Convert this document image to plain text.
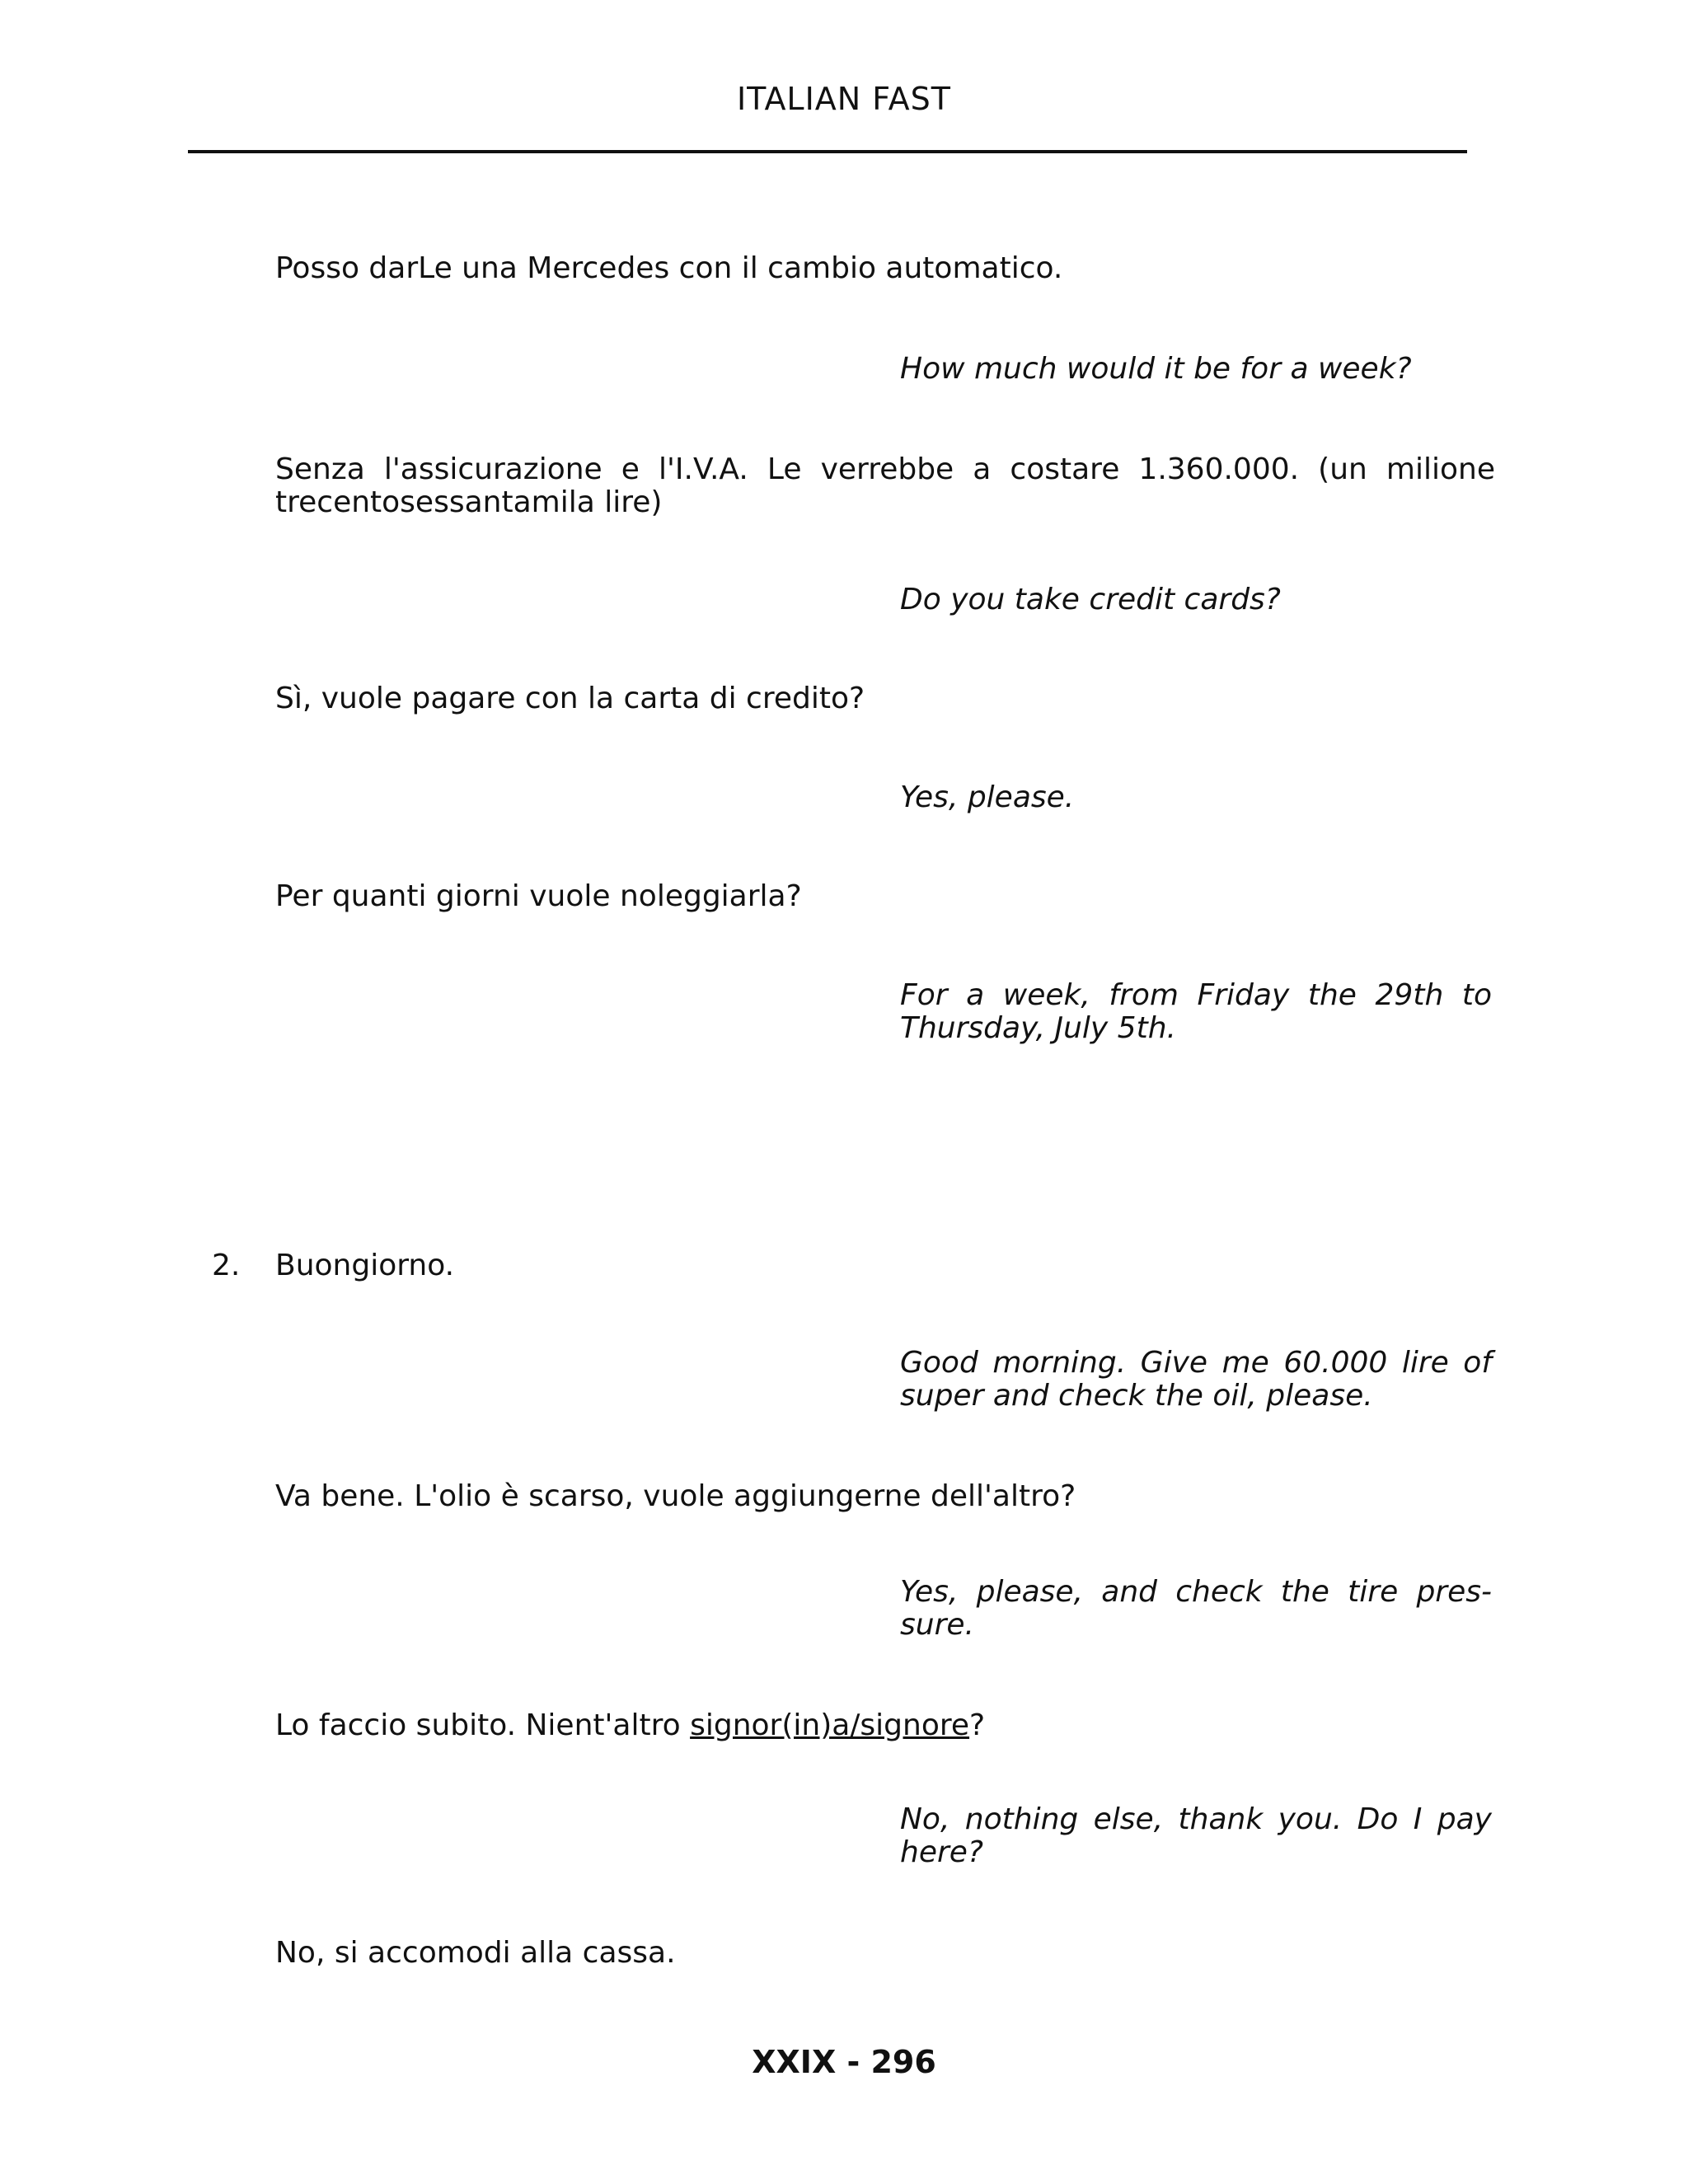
ITALIAN FAST

Posso darLe una Mercedes con il cambio automatico.

How much would it be for a week?

Senza l'assicurazione e l'I.V.A. Le verrebbe a costare 1.360.000. (un milione trecentosessantamila lire)

Do you take credit cards?

Sì, vuole pagare con la carta di credito?

Yes, please.

Per quanti giorni vuole noleggiarla?

For a week, from Friday the 29th to Thursday, July 5th.

2. Buongiorno.

Good morning. Give me 60.000 lire of super and check the oil, please.

Va bene. L'olio è scarso, vuole aggiungerne dell'altro?

Yes, please, and check the tire pres-sure.

Lo faccio subito. Nient'altro signor(in)a/signore?

No, nothing else, thank you. Do I pay here?

No, si accomodi alla cassa.

XXIX - 296
